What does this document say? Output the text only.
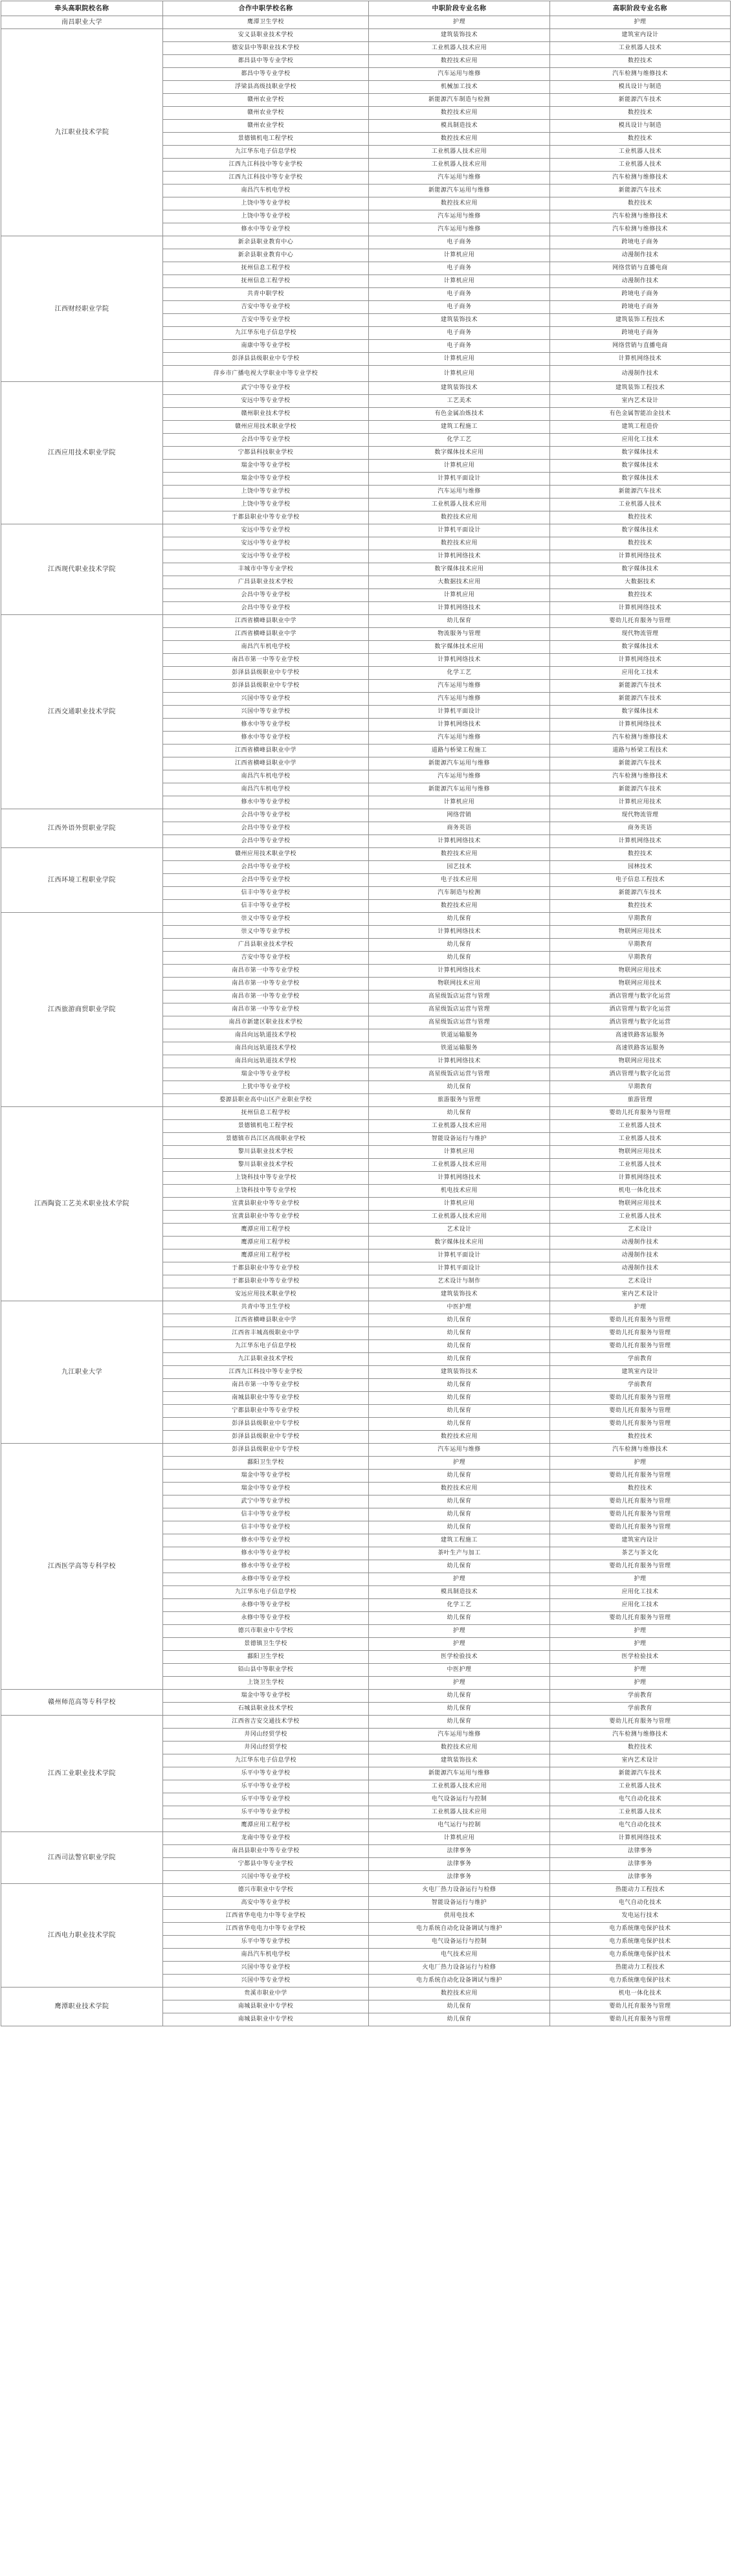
牵头高职院校名称	合作中职学校名称	中职阶段专业名称	高职阶段专业名称
南昌职业大学	鹰潭卫生学校	护理	护理
九江职业技术学院	安义县职业技术学校	建筑装饰技术	建筑室内设计
	德安县中等职业技术学校	工业机器人技术应用	工业机器人技术
	都昌县中等专业学校	数控技术应用	数控技术
	都昌中等专业学校	汽车运用与维修	汽车检测与维修技术
	浮梁县高级技职业学校	机械加工技术	模具设计与制造
	赣州农业学校	新能源汽车制造与检测	新能源汽车技术
	赣州农业学校	数控技术应用	数控技术
	赣州农业学校	模具制造技术	模具设计与制造
	景德镇机电工程学校	数控技术应用	数控技术
	九江华东电子信息学校	工业机器人技术应用	工业机器人技术
	江西九江科技中等专业学校	工业机器人技术应用	工业机器人技术
	江西九江科技中等专业学校	汽车运用与维修	汽车检测与维修技术
	南昌汽车机电学校	新能源汽车运用与维修	新能源汽车技术
	上饶中等专业学校	数控技术应用	数控技术
	上饶中等专业学校	汽车运用与维修	汽车检测与维修技术
	修水中等专业学校	汽车运用与维修	汽车检测与维修技术
江西财经职业学院	新余县职业教育中心	电子商务	跨境电子商务
	新余县职业教育中心	计算机应用	动漫制作技术
	抚州信息工程学校	电子商务	网络营销与直播电商
	抚州信息工程学校	计算机应用	动漫制作技术
	共青中职学校	电子商务	跨境电子商务
	吉安中等专业学校	电子商务	跨境电子商务
	吉安中等专业学校	建筑装饰技术	建筑装饰工程技术
	九江华东电子信息学校	电子商务	跨境电子商务
	南康中等专业学校	电子商务	网络营销与直播电商
	彭泽县县级职业中专学校	计算机应用	计算机网络技术
	萍乡市广播电视大学职业中等专业学校	计算机应用	动漫制作技术
江西应用技术职业学院	武宁中等专业学校	建筑装饰技术	建筑装饰工程技术
	安远中等专业学校	工艺美术	室内艺术设计
	赣州职业技术学校	有色金属冶炼技术	有色金属智能冶金技术
	赣州应用技术职业学校	建筑工程施工	建筑工程造价
	会昌中等专业学校	化学工艺	应用化工技术
	宁都县科技职业学校	数字媒体技术应用	数字媒体技术
	瑞金中等专业学校	计算机应用	数字媒体技术
	瑞金中等专业学校	计算机平面设计	数字媒体技术
	上饶中等专业学校	汽车运用与维修	新能源汽车技术
	上饶中等专业学校	工业机器人技术应用	工业机器人技术
	于都县职业中等专业学校	数控技术应用	数控技术
江西现代职业技术学院	安远中等专业学校	计算机平面设计	数字媒体技术
	安远中等专业学校	数控技术应用	数控技术
	安远中等专业学校	计算机网络技术	计算机网络技术
	丰城市中等专业学校	数字媒体技术应用	数字媒体技术
	广昌县职业技术学校	大数据技术应用	大数据技术
	会昌中等专业学校	计算机应用	数控技术
	会昌中等专业学校	计算机网络技术	计算机网络技术
江西交通职业技术学院	江西省横峰县职业中学	幼儿保育	婴幼儿托育服务与管理
	江西省横峰县职业中学	物流服务与管理	现代物流管理
	南昌汽车机电学校	数字媒体技术应用	数字媒体技术
	南昌市第一中等专业学校	计算机网络技术	计算机网络技术
	彭泽县县级职业中专学校	化学工艺	应用化工技术
	彭泽县县级职业中专学校	汽车运用与维修	新能源汽车技术
	兴国中等专业学校	汽车运用与维修	新能源汽车技术
	兴国中等专业学校	计算机平面设计	数字媒体技术
	修水中等专业学校	计算机网络技术	计算机网络技术
	修水中等专业学校	汽车运用与维修	汽车检测与维修技术
	江西省横峰县职业中学	道路与桥梁工程施工	道路与桥梁工程技术
	江西省横峰县职业中学	新能源汽车运用与维修	新能源汽车技术
	南昌汽车机电学校	汽车运用与维修	汽车检测与维修技术
	南昌汽车机电学校	新能源汽车运用与维修	新能源汽车技术
	修水中等专业学校	计算机应用	计算机应用技术
江西外语外贸职业学院	会昌中等专业学校	网络营销	现代物流管理
	会昌中等专业学校	商务英语	商务英语
	会昌中等专业学校	计算机网络技术	计算机网络技术
江西环境工程职业学院	赣州应用技术职业学校	数控技术应用	数控技术
	会昌中等专业学校	园艺技术	园林技术
	会昌中等专业学校	电子技术应用	电子信息工程技术
	信丰中等专业学校	汽车制造与检测	新能源汽车技术
	信丰中等专业学校	数控技术应用	数控技术
江西旅游商贸职业学院	崇义中等专业学校	幼儿保育	早期教育
	崇义中等专业学校	计算机网络技术	物联网应用技术
	广昌县职业技术学校	幼儿保育	早期教育
	吉安中等专业学校	幼儿保育	早期教育
	南昌市第一中等专业学校	计算机网络技术	物联网应用技术
	南昌市第一中等专业学校	物联网技术应用	物联网应用技术
	南昌市第一中等专业学校	高星级饭店运营与管理	酒店管理与数字化运营
	南昌市第一中等专业学校	高星级饭店运营与管理	酒店管理与数字化运营
	南昌市新建区职业技术学校	高星级饭店运营与管理	酒店管理与数字化运营
	南昌向远轨道技术学校	铁道运输服务	高速铁路客运服务
	南昌向远轨道技术学校	铁道运输服务	高速铁路客运服务
	南昌向远轨道技术学校	计算机网络技术	物联网应用技术
	瑞金中等专业学校	高星级饭店运营与管理	酒店管理与数字化运营
	上犹中等专业学校	幼儿保育	早期教育
	婺源县职业高中山区产业职业学校	旅游服务与管理	旅游管理
江西陶瓷工艺美术职业技术学院	抚州信息工程学校	幼儿保育	婴幼儿托育服务与管理
	景德镇机电工程学校	工业机器人技术应用	工业机器人技术
	景德镇市昌江区高级职业学校	智能设备运行与维护	工业机器人技术
	黎川县职业技术学校	计算机应用	物联网应用技术
	黎川县职业技术学校	工业机器人技术应用	工业机器人技术
	上饶科技中等专业学校	计算机网络技术	计算机网络技术
	上饶科技中等专业学校	机电技术应用	机电一体化技术
	宜黄县职业中等专业学校	计算机应用	物联网应用技术
	宜黄县职业中等专业学校	工业机器人技术应用	工业机器人技术
	鹰潭应用工程学校	艺术设计	艺术设计
	鹰潭应用工程学校	数字媒体技术应用	动漫制作技术
	鹰潭应用工程学校	计算机平面设计	动漫制作技术
	于都县职业中等专业学校	计算机平面设计	动漫制作技术
	于都县职业中等专业学校	艺术设计与制作	艺术设计
	安远应用技术职业学校	建筑装饰技术	室内艺术设计
九江职业大学	共青中等卫生学校	中医护理	护理
	江西省横峰县职业中学	幼儿保育	婴幼儿托育服务与管理
	江西省丰城高级职业中学	幼儿保育	婴幼儿托育服务与管理
	九江华东电子信息学校	幼儿保育	婴幼儿托育服务与管理
	九江县职业技术学校	幼儿保育	学前教育
	江西九江科技中等专业学校	建筑装饰技术	建筑室内设计
	南昌市第一中等专业学校	幼儿保育	学前教育
	南城县职业中等专业学校	幼儿保育	婴幼儿托育服务与管理
	宁都县职业中等专业学校	幼儿保育	婴幼儿托育服务与管理
	彭泽县县级职业中专学校	幼儿保育	婴幼儿托育服务与管理
	彭泽县县级职业中专学校	数控技术应用	数控技术
江西医学高等专科学校	彭泽县县级职业中专学校	汽车运用与维修	汽车检测与维修技术
	鄱阳卫生学校	护理	护理
	瑞金中等专业学校	幼儿保育	婴幼儿托育服务与管理
	瑞金中等专业学校	数控技术应用	数控技术
	武宁中等专业学校	幼儿保育	婴幼儿托育服务与管理
	信丰中等专业学校	幼儿保育	婴幼儿托育服务与管理
	信丰中等专业学校	幼儿保育	婴幼儿托育服务与管理
	修水中等专业学校	建筑工程施工	建筑室内设计
	修水中等专业学校	茶叶生产与加工	茶艺与茶文化
	修水中等专业学校	幼儿保育	婴幼儿托育服务与管理
	永修中等专业学校	护理	护理
	九江华东电子信息学校	模具制造技术	应用化工技术
	永修中等专业学校	化学工艺	应用化工技术
	永修中等专业学校	幼儿保育	婴幼儿托育服务与管理
	德兴市职业中专学校	护理	护理
	景德镇卫生学校	护理	护理
	鄱阳卫生学校	医学检验技术	医学检验技术
	铅山县中等职业学校	中医护理	护理
	上饶卫生学校	护理	护理
赣州师范高等专科学校	瑞金中等专业学校	幼儿保育	学前教育
	石城县职业技术学校	幼儿保育	学前教育
江西工业职业技术学院	江西省吉安交通技术学校	幼儿保育	婴幼儿托育服务与管理
	井冈山经贸学校	汽车运用与维修	汽车检测与维修技术
	井冈山经贸学校	数控技术应用	数控技术
	九江华东电子信息学校	建筑装饰技术	室内艺术设计
	乐平中等专业学校	新能源汽车运用与维修	新能源汽车技术
	乐平中等专业学校	工业机器人技术应用	工业机器人技术
	乐平中等专业学校	电气设备运行与控制	电气自动化技术
	乐平中等专业学校	工业机器人技术应用	工业机器人技术
	鹰潭应用工程学校	电气运行与控制	电气自动化技术
江西司法警官职业学院	龙南中等专业学校	计算机应用	计算机网络技术
	南昌县职业中等专业学校	法律事务	法律事务
	宁都县中等专业学校	法律事务	法律事务
	兴国中等专业学校	法律事务	法律事务
江西电力职业技术学院	德兴市职业中专学校	火电厂热力设备运行与检修	热能动力工程技术
	高安中等专业学校	智能设备运行与维护	电气自动化技术
	江西省华电电力中等专业学校	供用电技术	发电运行技术
	江西省华电电力中等专业学校	电力系统自动化设备调试与维护	电力系统继电保护技术
	乐平中等专业学校	电气设备运行与控制	电力系统继电保护技术
	南昌汽车机电学校	电气技术应用	电力系统继电保护技术
	兴国中等专业学校	火电厂热力设备运行与检修	热能动力工程技术
	兴国中等专业学校	电力系统自动化设备调试与维护	电力系统继电保护技术
鹰潭职业技术学院	贵溪市职业中学	数控技术应用	机电一体化技术
	南城县职业中专学校	幼儿保育	婴幼儿托育服务与管理
	南城县职业中专学校	幼儿保育	婴幼儿托育服务与管理
